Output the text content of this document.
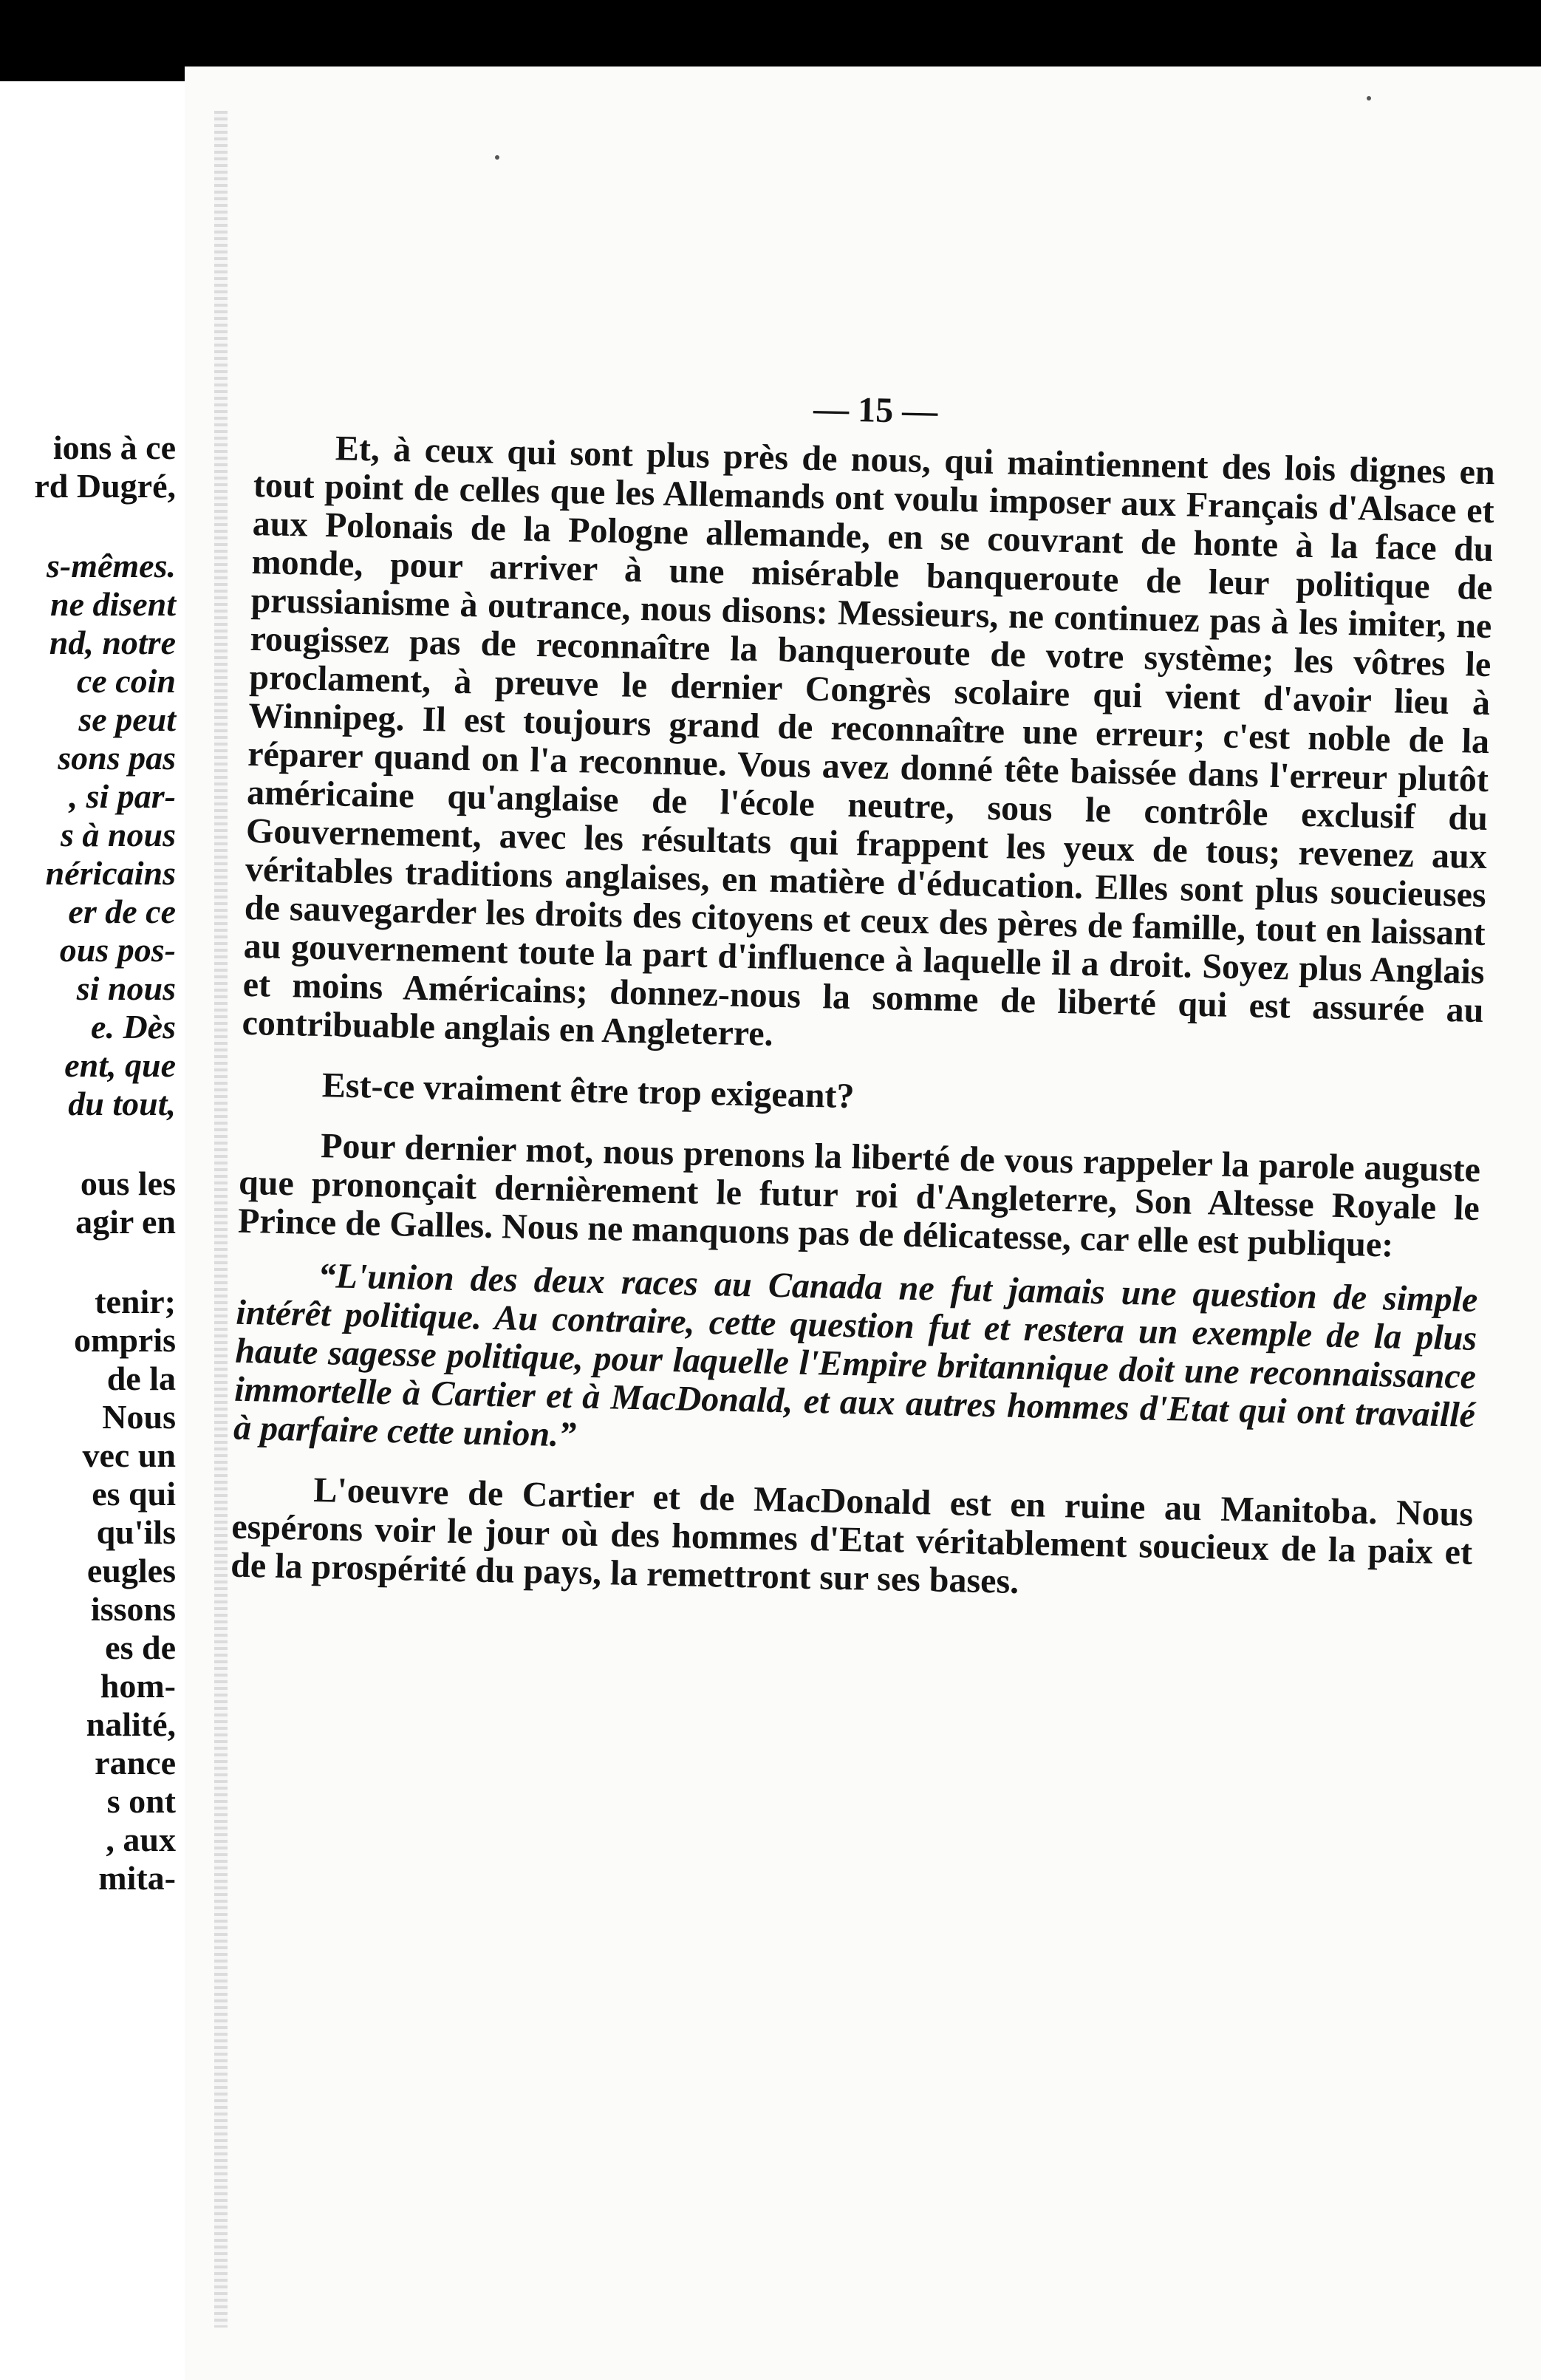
ions à ce
rd Dugré,
s-mêmes.
ne disent
nd, notre
ce coin
se peut
sons pas
, si par-
s à nous
néricains
er de ce
ous pos-
si nous
e. Dès
ent, que
du tout,
ous les
agir en
tenir;
ompris
de la
Nous
vec un
es qui
qu'ils
eugles
issons
es de
hom-
nalité,
rance
s ont
, aux
mita-
— 15 —

Et, à ceux qui sont plus près de nous, qui maintiennent des lois dignes en tout point de celles que les Allemands ont voulu imposer aux Français d'Alsace et aux Polonais de la Pologne allemande, en se couvrant de honte à la face du monde, pour arriver à une misérable banqueroute de leur politique de prussianisme à outrance, nous disons: Messieurs, ne continuez pas à les imiter, ne rougissez pas de reconnaître la banqueroute de votre système; les vôtres le proclament, à preuve le dernier Congrès scolaire qui vient d'avoir lieu à Winnipeg. Il est toujours grand de reconnaître une erreur; c'est noble de la réparer quand on l'a reconnue. Vous avez donné tête baissée dans l'erreur plutôt américaine qu'anglaise de l'école neutre, sous le contrôle exclusif du Gouvernement, avec les résultats qui frappent les yeux de tous; revenez aux véritables traditions anglaises, en matière d'éducation. Elles sont plus soucieuses de sauvegarder les droits des citoyens et ceux des pères de famille, tout en laissant au gouvernement toute la part d'influence à laquelle il a droit. Soyez plus Anglais et moins Américains; donnez-nous la somme de liberté qui est assurée au contribuable anglais en Angleterre.

Est-ce vraiment être trop exigeant?

Pour dernier mot, nous prenons la liberté de vous rappeler la parole auguste que prononçait dernièrement le futur roi d'Angleterre, Son Altesse Royale le Prince de Galles. Nous ne manquons pas de délicatesse, car elle est publique:

“L'union des deux races au Canada ne fut jamais une question de simple intérêt politique. Au contraire, cette question fut et restera un exemple de la plus haute sagesse politique, pour laquelle l'Empire britannique doit une reconnaissance immortelle à Cartier et à MacDonald, et aux autres hommes d'Etat qui ont travaillé à parfaire cette union.”

L'oeuvre de Cartier et de MacDonald est en ruine au Manitoba. Nous espérons voir le jour où des hommes d'Etat véritablement soucieux de la paix et de la prospérité du pays, la remettront sur ses bases.
